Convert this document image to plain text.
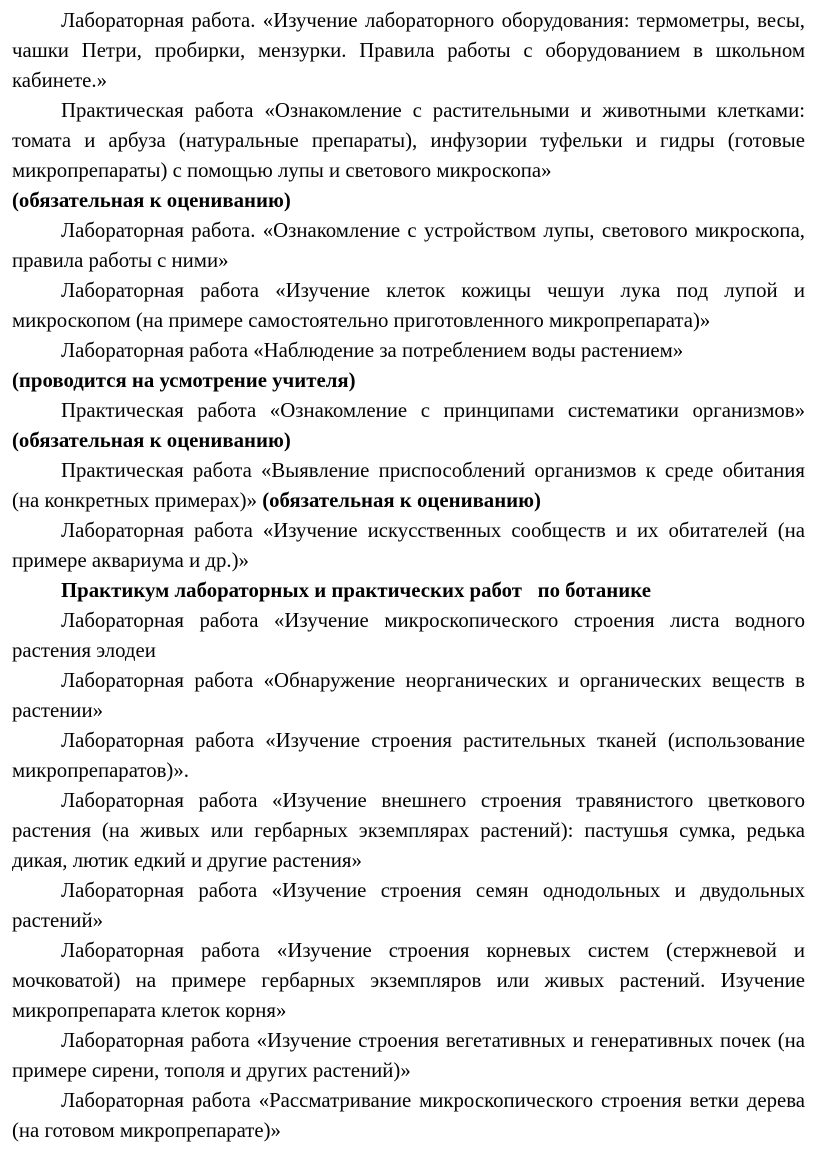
Лабораторная работа. «Изучение лабораторного оборудования: термометры, весы, чашки Петри, пробирки, мензурки. Правила работы с оборудованием в школьном кабинете.»

Практическая работа «Ознакомление с растительными и животными клетками: томата и арбуза (натуральные препараты), инфузории туфельки и гидры (готовые микропрепараты) с помощью лупы и светового микроскопа»
(обязательная к оцениванию)

Лабораторная работа. «Ознакомление с устройством лупы, светового микроскопа, правила работы с ними»

Лабораторная работа «Изучение клеток кожицы чешуи лука под лупой и микроскопом (на примере самостоятельно приготовленного микропрепарата)»

Лабораторная работа «Наблюдение за потреблением воды растением»
(проводится на усмотрение учителя)

Практическая работа «Ознакомление с принципами систематики организмов» (обязательная к оцениванию)

Практическая работа «Выявление приспособлений организмов к среде обитания (на конкретных примерах)» (обязательная к оцениванию)

Лабораторная работа «Изучение искусственных сообществ и их обитателей (на примере аквариума и др.)»

Практикум лабораторных и практических работ   по ботанике

Лабораторная работа «Изучение микроскопического строения листа водного растения элодеи

Лабораторная работа «Обнаружение неорганических и органических веществ в растении»

Лабораторная работа «Изучение строения растительных тканей (использование микропрепаратов)».

Лабораторная работа «Изучение внешнего строения травянистого цветкового растения (на живых или гербарных экземплярах растений): пастушья сумка, редька дикая, лютик едкий и другие растения»

Лабораторная работа «Изучение строения семян однодольных и двудольных растений»

Лабораторная работа «Изучение строения корневых систем (стержневой и мочковатой) на примере гербарных экземпляров или живых растений. Изучение микропрепарата клеток корня»

Лабораторная работа «Изучение строения вегетативных и генеративных почек (на примере сирени, тополя и других растений)»

Лабораторная работа «Рассматривание микроскопического строения ветки дерева (на готовом микропрепарате)»
